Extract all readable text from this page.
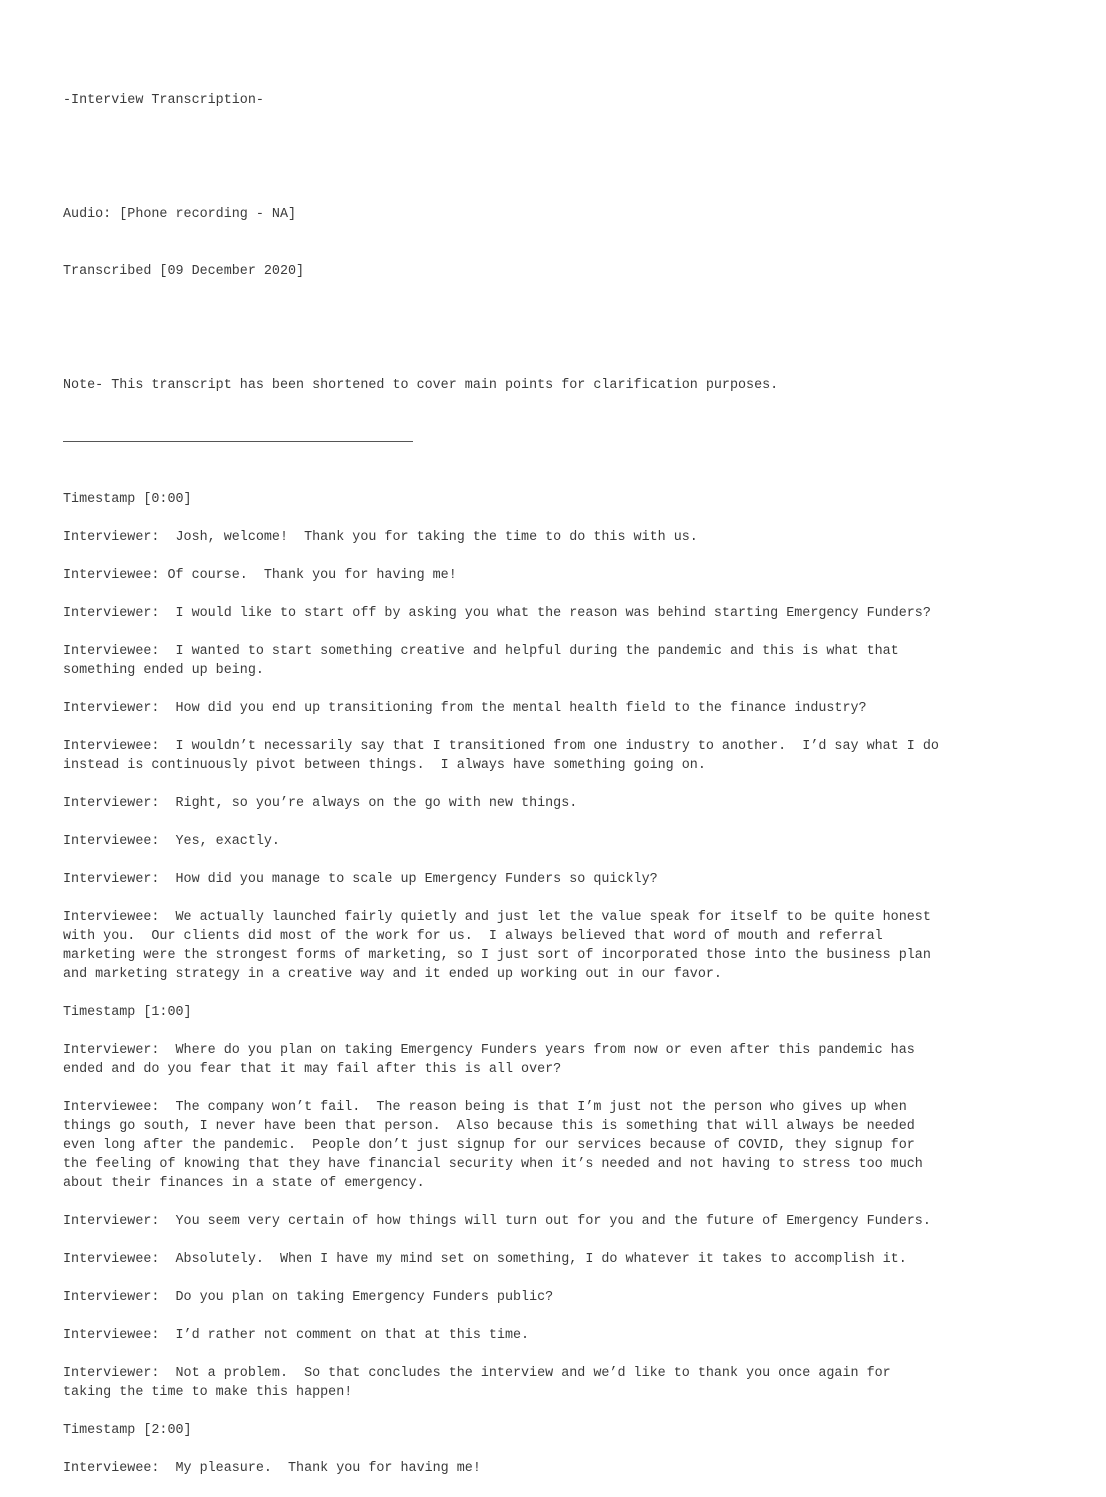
-Interview Transcription-

Audio: [Phone recording - NA]

Transcribed [09 December 2020]

Note- This transcript has been shortened to cover main points for clarification purposes.

Timestamp [0:00]
Interviewer:  Josh, welcome!  Thank you for taking the time to do this with us.
Interviewee: Of course.  Thank you for having me!
Interviewer:  I would like to start off by asking you what the reason was behind starting Emergency Funders?
Interviewee:  I wanted to start something creative and helpful during the pandemic and this is what that
something ended up being.
Interviewer:  How did you end up transitioning from the mental health field to the finance industry?
Interviewee:  I wouldn’t necessarily say that I transitioned from one industry to another.  I’d say what I do
instead is continuously pivot between things.  I always have something going on.
Interviewer:  Right, so you’re always on the go with new things.
Interviewee:  Yes, exactly.
Interviewer:  How did you manage to scale up Emergency Funders so quickly?
Interviewee:  We actually launched fairly quietly and just let the value speak for itself to be quite honest
with you.  Our clients did most of the work for us.  I always believed that word of mouth and referral
marketing were the strongest forms of marketing, so I just sort of incorporated those into the business plan
and marketing strategy in a creative way and it ended up working out in our favor.
Timestamp [1:00]
Interviewer:  Where do you plan on taking Emergency Funders years from now or even after this pandemic has
ended and do you fear that it may fail after this is all over?
Interviewee:  The company won’t fail.  The reason being is that I’m just not the person who gives up when
things go south, I never have been that person.  Also because this is something that will always be needed
even long after the pandemic.  People don’t just signup for our services because of COVID, they signup for
the feeling of knowing that they have financial security when it’s needed and not having to stress too much
about their finances in a state of emergency.
Interviewer:  You seem very certain of how things will turn out for you and the future of Emergency Funders.
Interviewee:  Absolutely.  When I have my mind set on something, I do whatever it takes to accomplish it.
Interviewer:  Do you plan on taking Emergency Funders public?
Interviewee:  I’d rather not comment on that at this time.
Interviewer:  Not a problem.  So that concludes the interview and we’d like to thank you once again for
taking the time to make this happen!
Timestamp [2:00]
Interviewee:  My pleasure.  Thank you for having me!
